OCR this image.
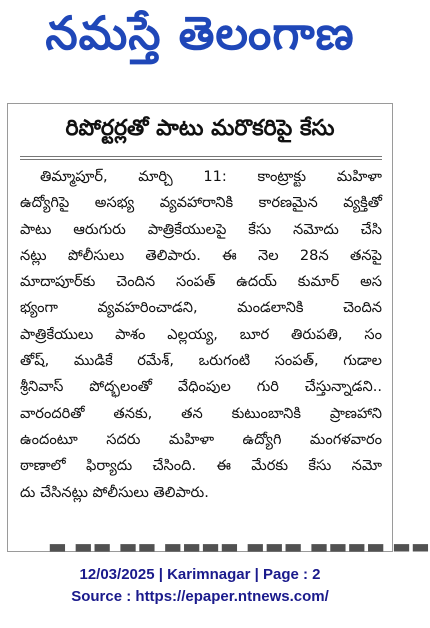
నమస్తే తెలంగాణ
రిపోర్టర్లతో పాటు మరొకరిపై కేసు
తిమ్మాపూర్, మార్చి 11: కాంట్రాక్టు మహిళా
ఉద్యోగిపై అసభ్య వ్యవహారానికి కారణమైన వ్యక్తితో
పాటు ఆరుగురు పాత్రికేయులపై కేసు నమోదు చేసి
నట్లు పోలీసులు తెలిపారు. ఈ నెల 28న తనపై
మాదాపూర్‌కు చెందిన సంపత్ ఉదయ్ కుమార్ అస
భ్యంగా వ్యవహరించాడని, మండలానికి చెందిన
పాత్రికేయులు పాశం ఎల్లయ్య, బూర తిరుపతి, సం
తోష్, ముడికే రమేశ్, ఒరుగంటి సంపత్, గుడాల
శ్రీనివాస్ పోద్భలంతో వేధింపుల గురి చేస్తున్నాడని..
వారందరితో తనకు, తన కుటుంబానికి ప్రాణహాని
ఉందంటూ సదరు మహిళా ఉద్యోగి మంగళవారం
ఠాణాలో ఫిర్యాదు చేసింది. ఈ మేరకు కేసు నమో
దు చేసినట్లు పోలీసులు తెలిపారు.
▬ ▬▬ ▬▬ ▬▬▬▬ ▬▬▬ ▬▬▬▬ ▬▬
12/03/2025 | Karimnagar | Page : 2
Source : https://epaper.ntnews.com/
